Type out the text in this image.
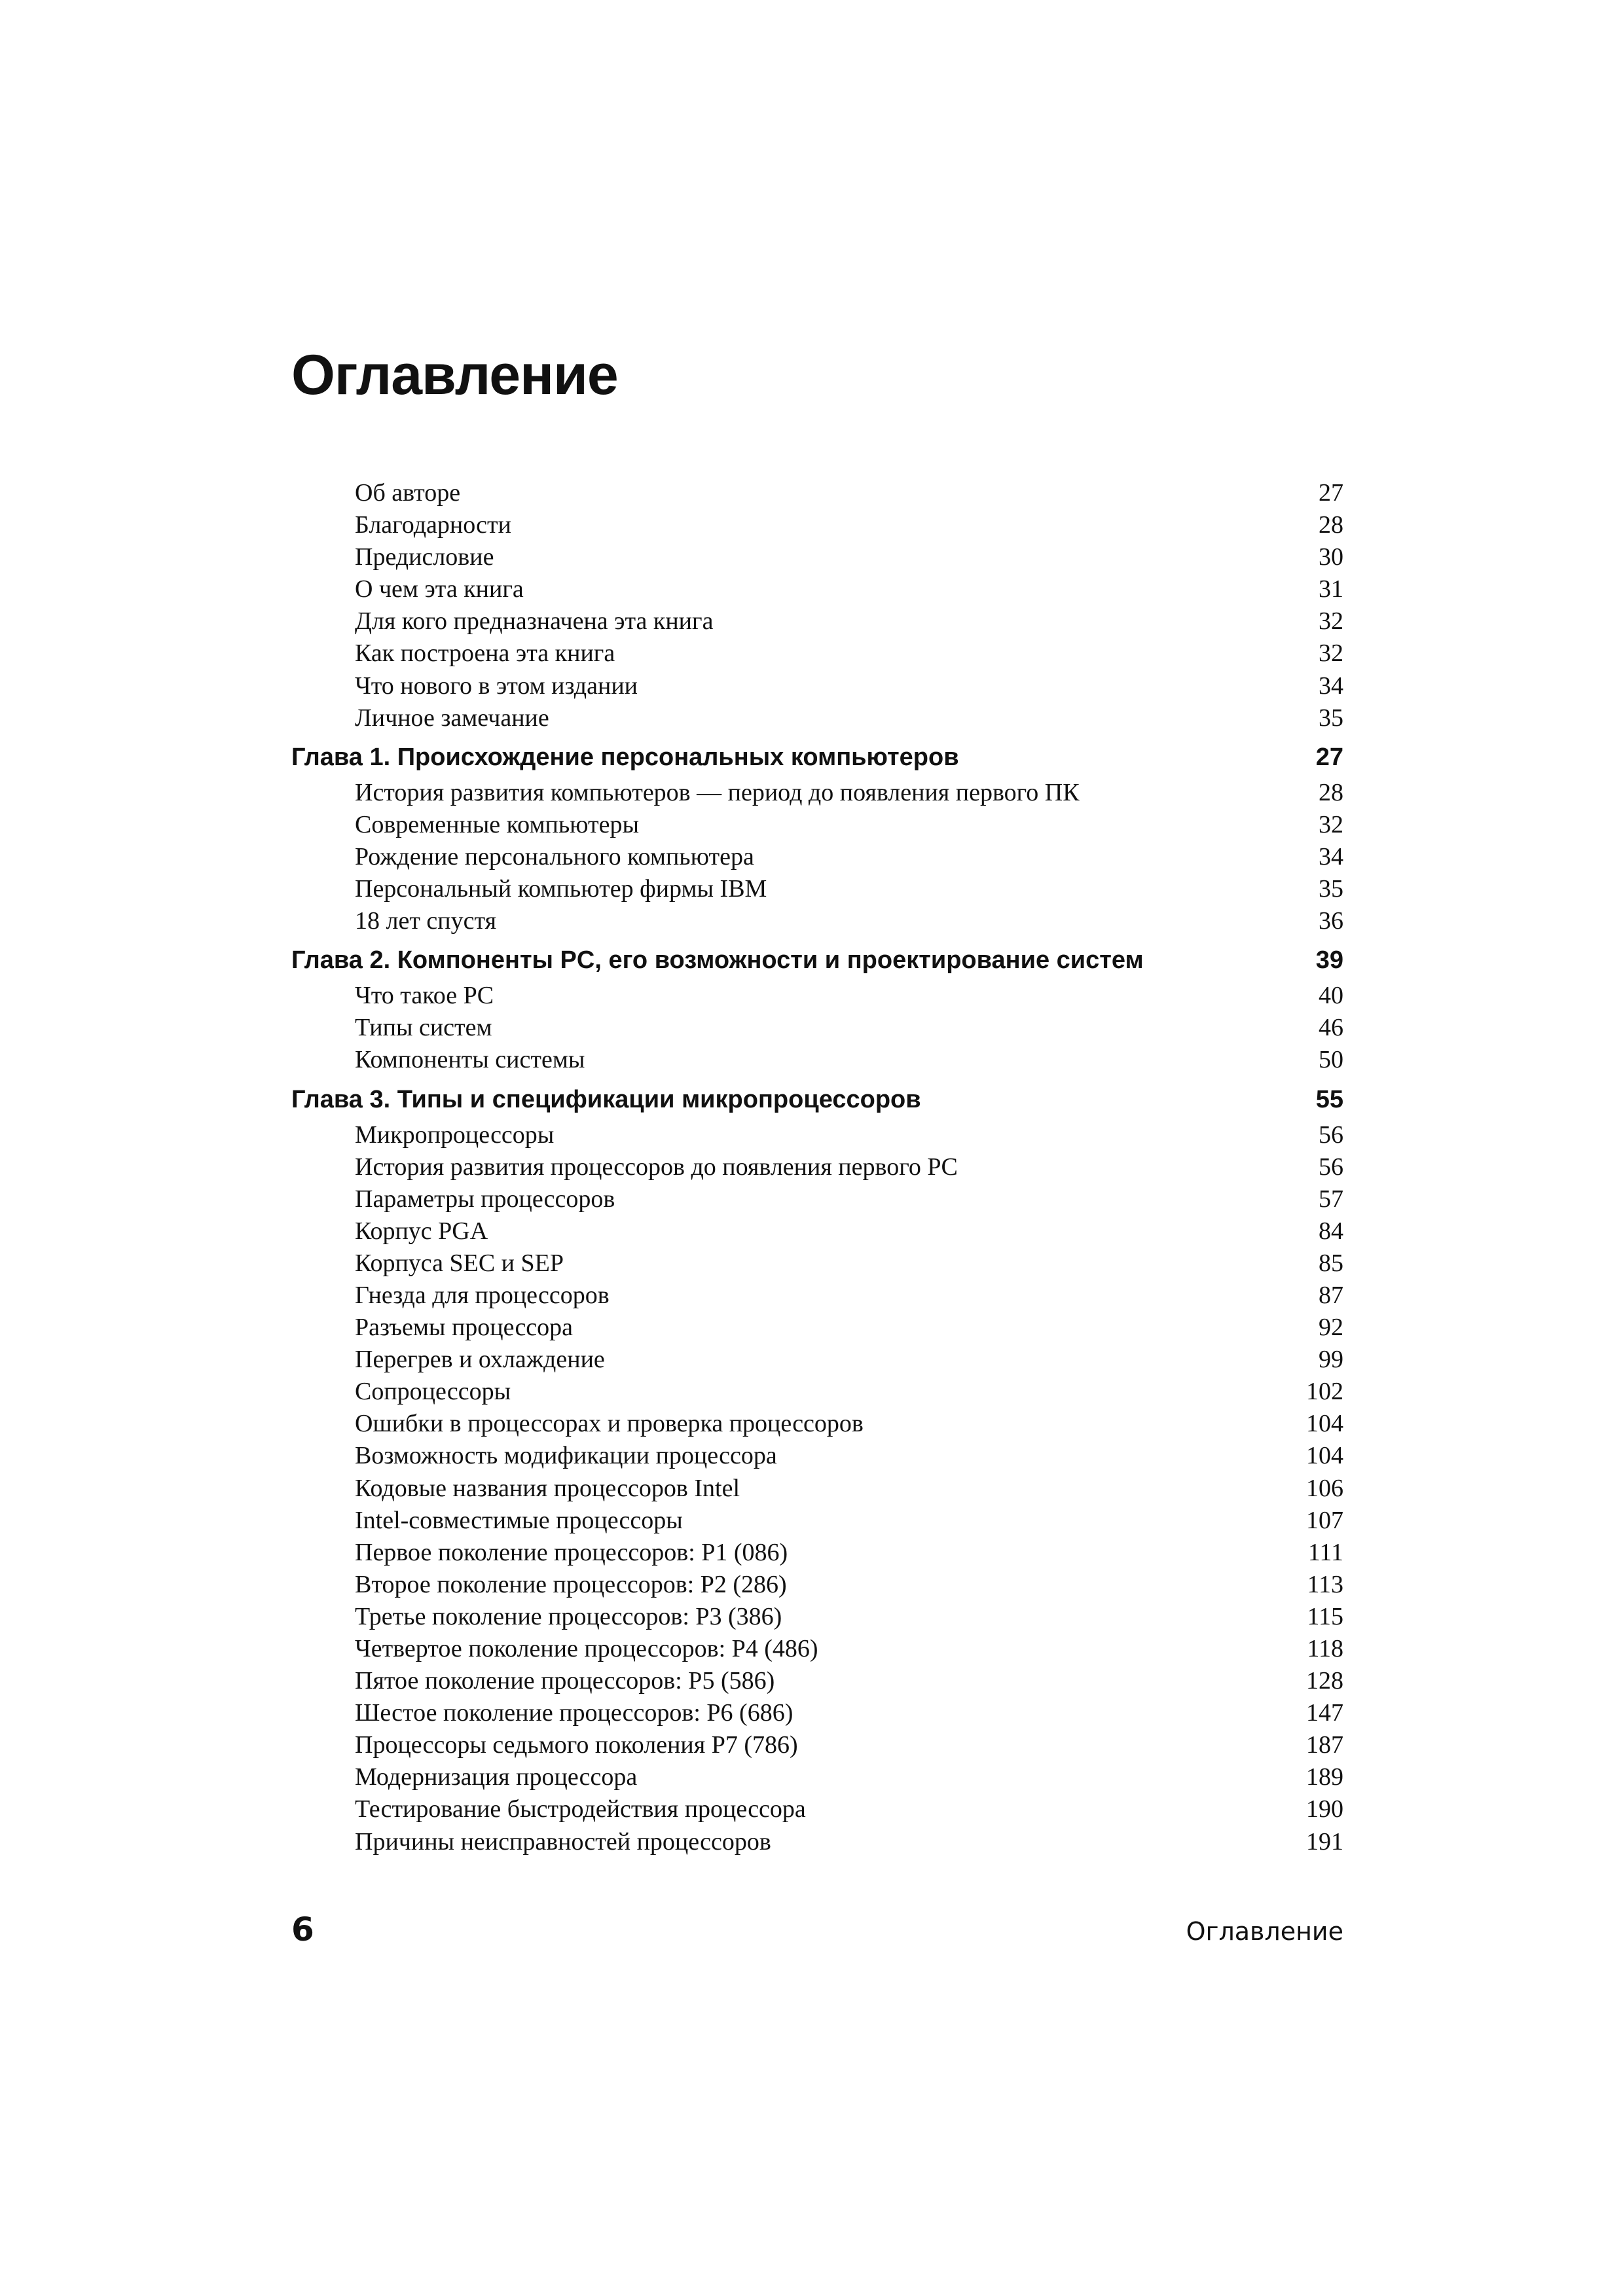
Оглавление
Об авторе	27
Благодарности	28
Предисловие	30
О чем эта книга	31
Для кого предназначена эта книга	32
Как построена эта книга	32
Что нового в этом издании	34
Личное замечание	35
Глава 1. Происхождение персональных компьютеров	27
История развития компьютеров — период до появления первого ПК	28
Современные компьютеры	32
Рождение персонального компьютера	34
Персональный компьютер фирмы IBM	35
18 лет спустя	36
Глава 2. Компоненты PC, его возможности и проектирование систем	39
Что такое PC	40
Типы систем	46
Компоненты системы	50
Глава 3. Типы и спецификации микропроцессоров	55
Микропроцессоры	56
История развития процессоров до появления первого PC	56
Параметры процессоров	57
Корпус PGA	84
Корпуса SEC и SEP	85
Гнезда для процессоров	87
Разъемы процессора	92
Перегрев и охлаждение	99
Сопроцессоры	102
Ошибки в процессорах и проверка процессоров	104
Возможность модификации процессора	104
Кодовые названия процессоров Intel	106
Intel-совместимые процессоры	107
Первое поколение процессоров: P1 (086)	111
Второе поколение процессоров: P2 (286)	113
Третье поколение процессоров: P3 (386)	115
Четвертое поколение процессоров: P4 (486)	118
Пятое поколение процессоров: P5 (586)	128
Шестое поколение процессоров: P6 (686)	147
Процессоры седьмого поколения P7 (786)	187
Модернизация процессора	189
Тестирование быстродействия процессора	190
Причины неисправностей процессоров	191
6	Оглавление
